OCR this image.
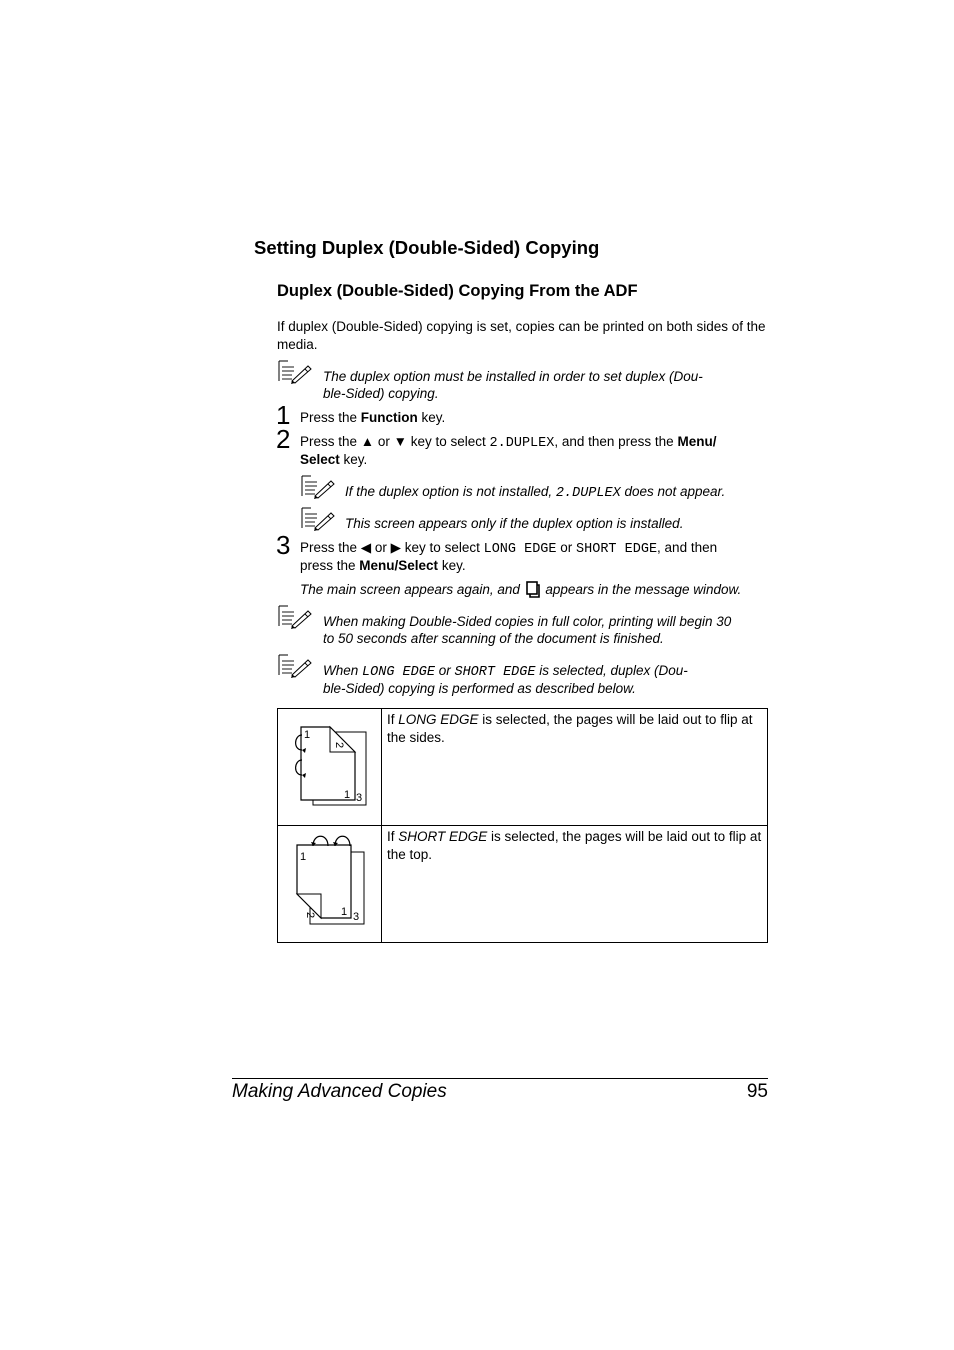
Setting Duplex (Double-Sided) Copying
Duplex (Double-Sided) Copying From the ADF
If duplex (Double-Sided) copying is set, copies can be printed on both sides of the media.
The duplex option must be installed in order to set duplex (Dou-
ble-Sided) copying.
1 Press the Function key.
2 Press the ▲ or ▼ key to select 2.DUPLEX, and then press the Menu/
Select key.
If the duplex option is not installed, 2.DUPLEX does not appear.
This screen appears only if the duplex option is installed.
3 Press the ◀ or ▶ key to select LONG EDGE or SHORT EDGE, and then
press the Menu/Select key.
The main screen appears again, and  appears in the message window.
When making Double-Sided copies in full color, printing will begin 30
to 50 seconds after scanning of the document is finished.
When LONG EDGE or SHORT EDGE is selected, duplex (Dou-
ble-Sided) copying is performed as described below.
1
2
1 3	If LONG EDGE is selected, the pages will be laid out to flip at the sides.

1
2 1 3	If SHORT EDGE is selected, the pages will be laid out to flip at the top.
Making Advanced Copies	95
